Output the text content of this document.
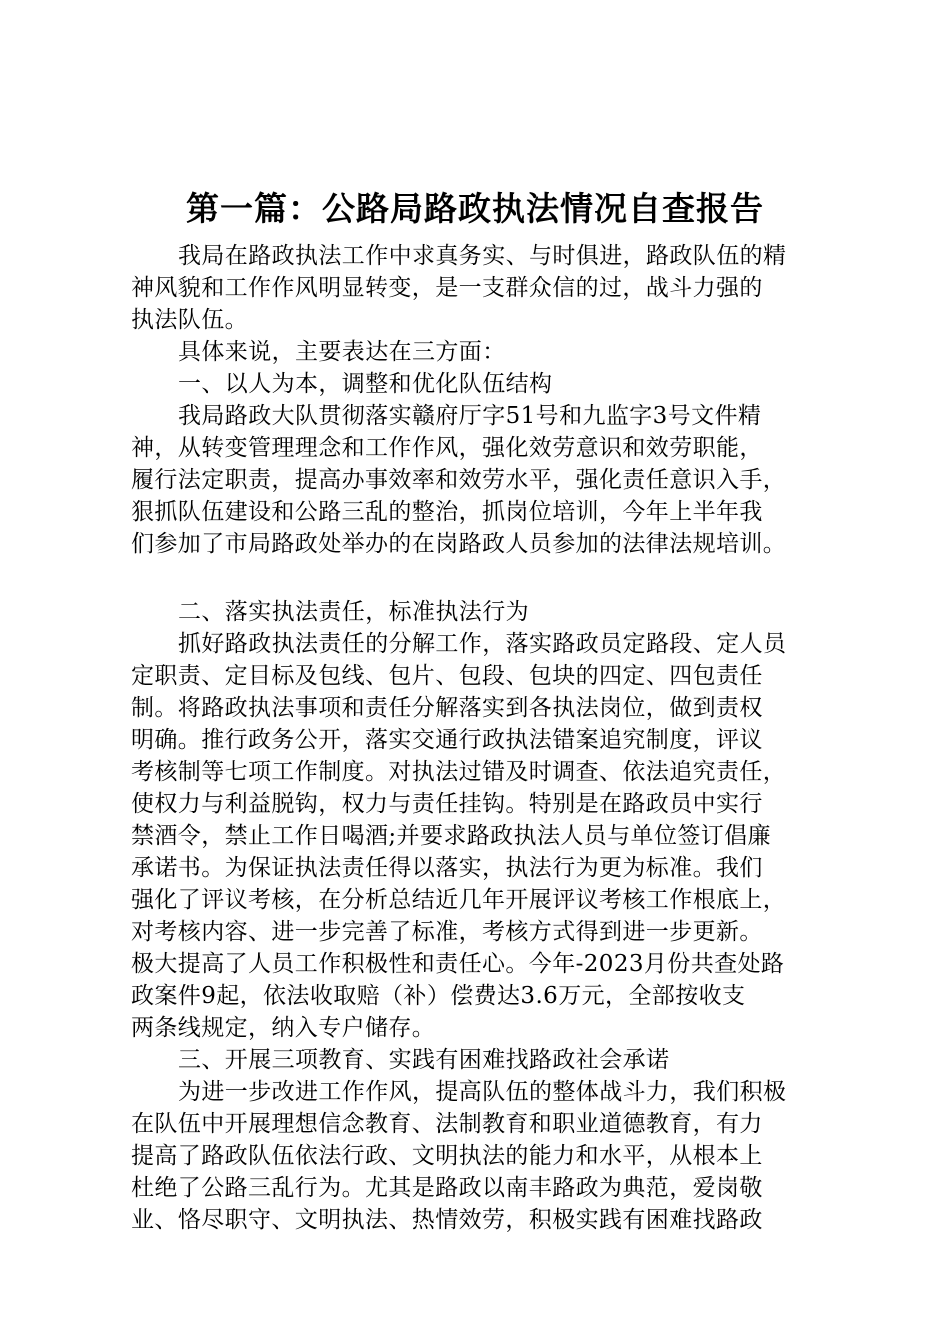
第一篇：公路局路政执法情况自查报告
我局在路政执法工作中求真务实、与时俱进，路政队伍的精
神风貌和工作作风明显转变，是一支群众信的过，战斗力强的
执法队伍。
具体来说，主要表达在三方面：
一、以人为本，调整和优化队伍结构
我局路政大队贯彻落实赣府厅字51号和九监字3号文件精
神，从转变管理理念和工作作风，强化效劳意识和效劳职能，
履行法定职责，提高办事效率和效劳水平，强化责任意识入手，
狠抓队伍建设和公路三乱的整治，抓岗位培训，今年上半年我
们参加了市局路政处举办的在岗路政人员参加的法律法规培训。
二、落实执法责任，标准执法行为
抓好路政执法责任的分解工作，落实路政员定路段、定人员
定职责、定目标及包线、包片、包段、包块的四定、四包责任
制。将路政执法事项和责任分解落实到各执法岗位，做到责权
明确。推行政务公开，落实交通行政执法错案追究制度，评议
考核制等七项工作制度。对执法过错及时调查、依法追究责任，
使权力与利益脱钩，权力与责任挂钩。特别是在路政员中实行
禁酒令，禁止工作日喝酒;并要求路政执法人员与单位签订倡廉
承诺书。为保证执法责任得以落实，执法行为更为标准。我们
强化了评议考核，在分析总结近几年开展评议考核工作根底上，
对考核内容、进一步完善了标准，考核方式得到进一步更新。
极大提高了人员工作积极性和责任心。今年-2023月份共查处路
政案件9起，依法收取赔（补）偿费达3.6万元，全部按收支
两条线规定，纳入专户储存。
三、开展三项教育、实践有困难找路政社会承诺
为进一步改进工作作风，提高队伍的整体战斗力，我们积极
在队伍中开展理想信念教育、法制教育和职业道德教育，有力
提高了路政队伍依法行政、文明执法的能力和水平，从根本上
杜绝了公路三乱行为。尤其是路政以南丰路政为典范，爱岗敬
业、恪尽职守、文明执法、热情效劳，积极实践有困难找路政
